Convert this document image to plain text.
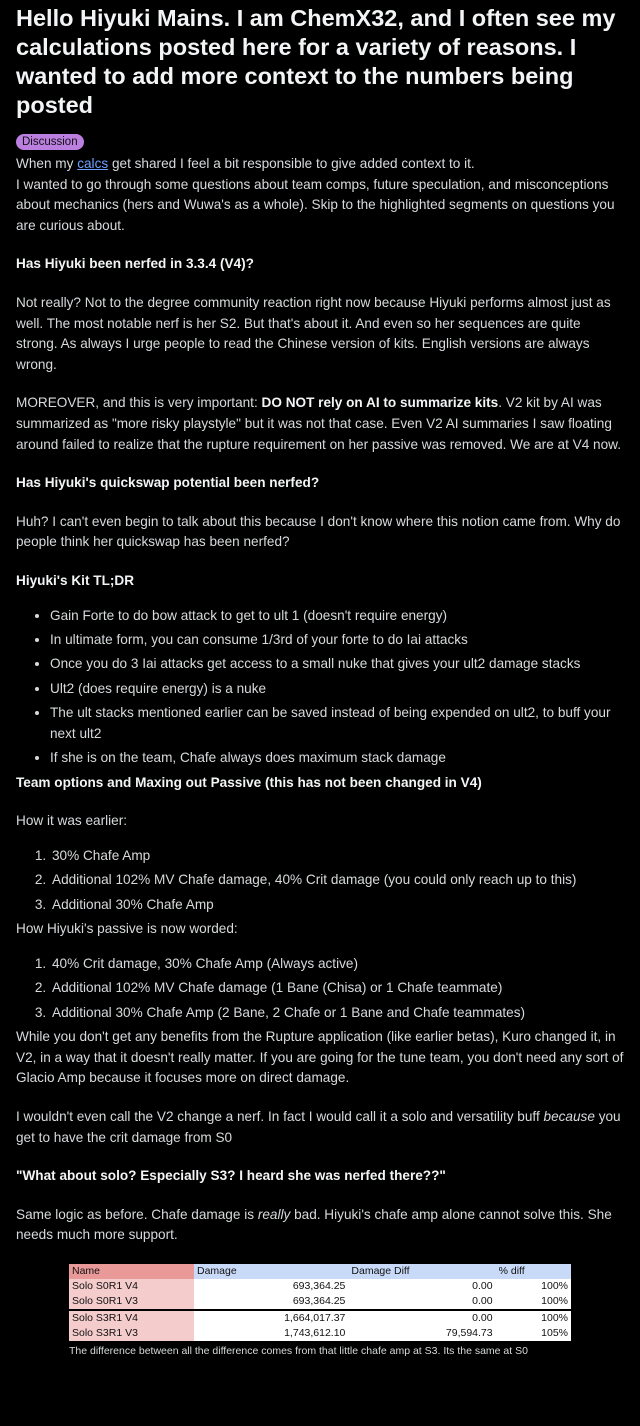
Hello Hiyuki Mains. I am ChemX32, and I often see my calculations posted here for a variety of reasons. I wanted to add more context to the numbers being posted
Discussion

When my calcs get shared I feel a bit responsible to give added context to it.

I wanted to go through some questions about team comps, future speculation, and misconceptions about mechanics (hers and Wuwa's as a whole). Skip to the highlighted segments on questions you are curious about.

Has Hiyuki been nerfed in 3.3.4 (V4)?

Not really? Not to the degree community reaction right now because Hiyuki performs almost just as well. The most notable nerf is her S2. But that's about it. And even so her sequences are quite strong. As always I urge people to read the Chinese version of kits. English versions are always wrong.

MOREOVER, and this is very important: DO NOT rely on AI to summarize kits. V2 kit by AI was summarized as "more risky playstyle" but it was not that case. Even V2 AI summaries I saw floating around failed to realize that the rupture requirement on her passive was removed. We are at V4 now.

Has Hiyuki's quickswap potential been nerfed?

Huh? I can't even begin to talk about this because I don't know where this notion came from. Why do people think her quickswap has been nerfed?

Hiyuki's Kit TL;DR

• Gain Forte to do bow attack to get to ult 1 (doesn't require energy)
• In ultimate form, you can consume 1/3rd of your forte to do Iai attacks
• Once you do 3 Iai attacks get access to a small nuke that gives your ult2 damage stacks
• Ult2 (does require energy) is a nuke
• The ult stacks mentioned earlier can be saved instead of being expended on ult2, to buff your next ult2
• If she is on the team, Chafe always does maximum stack damage

Team options and Maxing out Passive (this has not been changed in V4)

How it was earlier:

1. 30% Chafe Amp
2. Additional 102% MV Chafe damage, 40% Crit damage (you could only reach up to this)
3. Additional 30% Chafe Amp

How Hiyuki's passive is now worded:

1. 40% Crit damage, 30% Chafe Amp (Always active)
2. Additional 102% MV Chafe damage (1 Bane (Chisa) or 1 Chafe teammate)
3. Additional 30% Chafe Amp (2 Bane, 2 Chafe or 1 Bane and Chafe teammates)

While you don't get any benefits from the Rupture application (like earlier betas), Kuro changed it, in V2, in a way that it doesn't really matter. If you are going for the tune team, you don't need any sort of Glacio Amp because it focuses more on direct damage.

I wouldn't even call the V2 change a nerf. In fact I would call it a solo and versatility buff because you get to have the crit damage from S0

"What about solo? Especially S3? I heard she was nerfed there??"

Same logic as before. Chafe damage is really bad. Hiyuki's chafe amp alone cannot solve this. She needs much more support.

Name	Damage	Damage Diff	% diff
Solo S0R1 V4	693,364.25	0.00	100%
Solo S0R1 V3	693,364.25	0.00	100%
Solo S3R1 V4	1,664,017.37	0.00	100%
Solo S3R1 V3	1,743,612.10	79,594.73	105%
The difference between all the difference comes from that little chafe amp at S3. Its the same at S0
